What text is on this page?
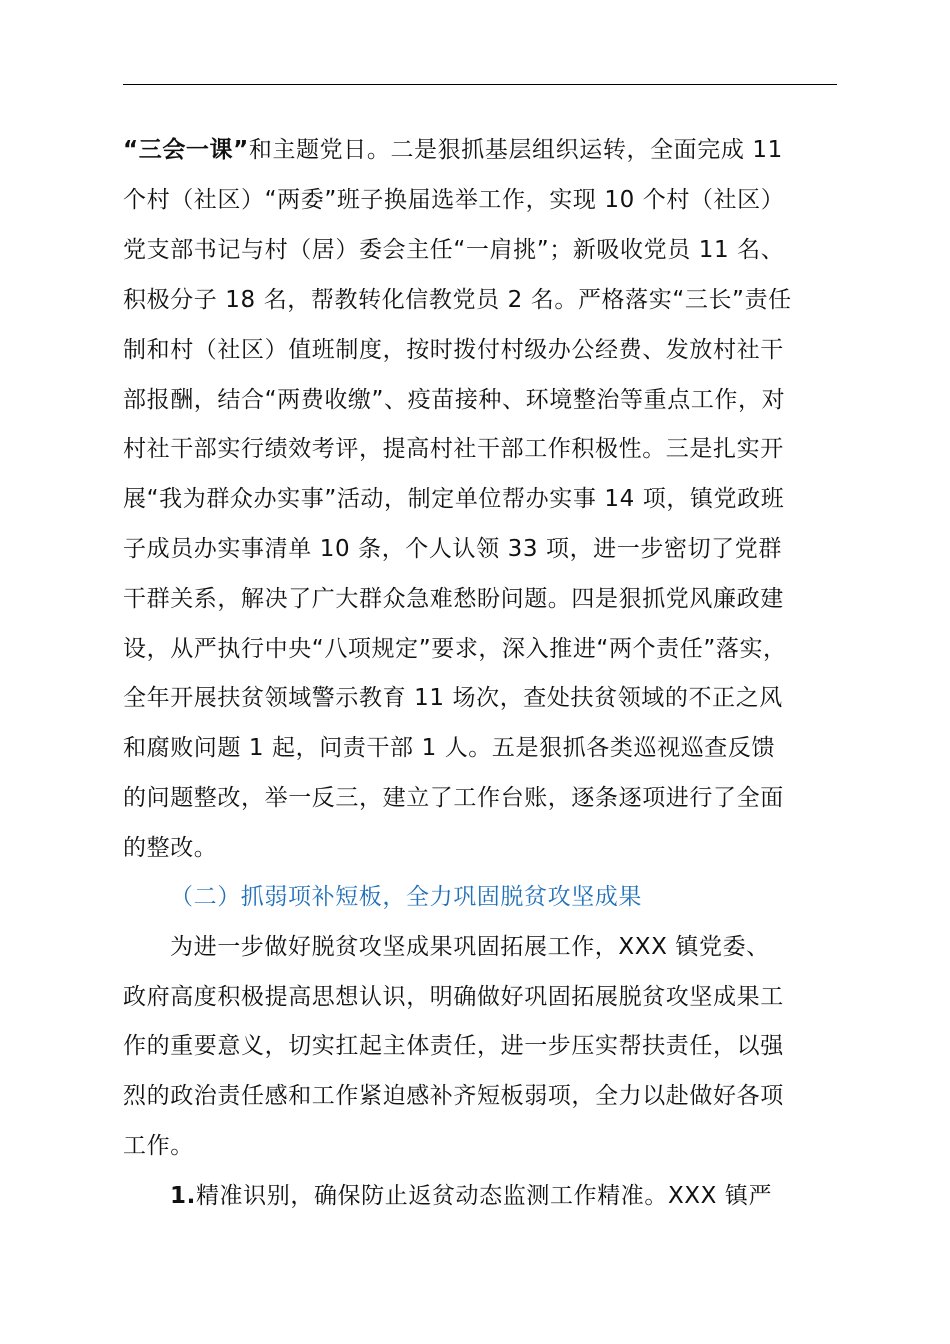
“三会一课”和主题党日。二是狠抓基层组织运转，全面完成 11
个村（社区）“两委”班子换届选举工作，实现 10 个村（社区）
党支部书记与村（居）委会主任“一肩挑”；新吸收党员 11 名、
积极分子 18 名，帮教转化信教党员 2 名。严格落实“三长”责任
制和村（社区）值班制度，按时拨付村级办公经费、发放村社干
部报酬，结合“两费收缴”、疫苗接种、环境整治等重点工作，对
村社干部实行绩效考评，提高村社干部工作积极性。三是扎实开
展“我为群众办实事”活动，制定单位帮办实事 14 项，镇党政班
子成员办实事清单 10 条，个人认领 33 项，进一步密切了党群
干群关系，解决了广大群众急难愁盼问题。四是狠抓党风廉政建
设，从严执行中央“八项规定”要求，深入推进“两个责任”落实，
全年开展扶贫领域警示教育 11 场次，查处扶贫领域的不正之风
和腐败问题 1 起，问责干部 1 人。五是狠抓各类巡视巡查反馈
的问题整改，举一反三，建立了工作台账，逐条逐项进行了全面
的整改。
（二）抓弱项补短板，全力巩固脱贫攻坚成果
为进一步做好脱贫攻坚成果巩固拓展工作，XXX 镇党委、
政府高度积极提高思想认识，明确做好巩固拓展脱贫攻坚成果工
作的重要意义，切实扛起主体责任，进一步压实帮扶责任，以强
烈的政治责任感和工作紧迫感补齐短板弱项，全力以赴做好各项
工作。
1.精准识别，确保防止返贫动态监测工作精准。XXX 镇严
